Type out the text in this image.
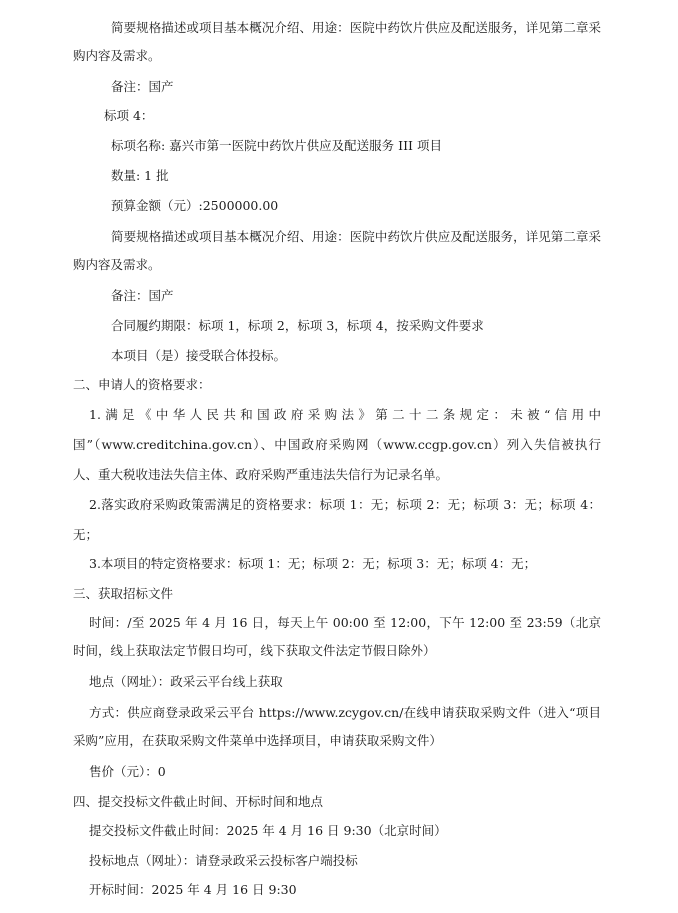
简要规格描述或项目基本概况介绍、用途：医院中药饮片供应及配送服务，详见第二章采购内容及需求。
备注：国产
标项 4：
标项名称: 嘉兴市第一医院中药饮片供应及配送服务 III 项目
数量: 1 批
预算金额（元）:2500000.00
简要规格描述或项目基本概况介绍、用途：医院中药饮片供应及配送服务，详见第二章采购内容及需求。
备注：国产
合同履约期限：标项 1，标项 2，标项 3，标项 4，按采购文件要求
本项目（是）接受联合体投标。
二、申请人的资格要求：
1.满足《中华人民共和国政府采购法》第二十二条规定：未被“信用中国”（www.creditchina.gov.cn）、中国政府采购网（www.ccgp.gov.cn）列入失信被执行人、重大税收违法失信主体、政府采购严重违法失信行为记录名单。
2.落实政府采购政策需满足的资格要求：标项 1：无；标项 2：无；标项 3：无；标项 4：无；
3.本项目的特定资格要求：标项 1：无；标项 2：无；标项 3：无；标项 4：无；
三、获取招标文件
时间：/至 2025 年 4 月 16 日，每天上午 00:00 至 12:00，下午 12:00 至 23:59（北京时间，线上获取法定节假日均可，线下获取文件法定节假日除外）
地点（网址）：政采云平台线上获取
方式：供应商登录政采云平台 https://www.zcygov.cn/在线申请获取采购文件（进入“项目采购”应用，在获取采购文件菜单中选择项目，申请获取采购文件）
售价（元）：0
四、提交投标文件截止时间、开标时间和地点
提交投标文件截止时间：2025 年 4 月 16 日 9:30（北京时间）
投标地点（网址）：请登录政采云投标客户端投标
开标时间：2025 年 4 月 16 日 9:30
